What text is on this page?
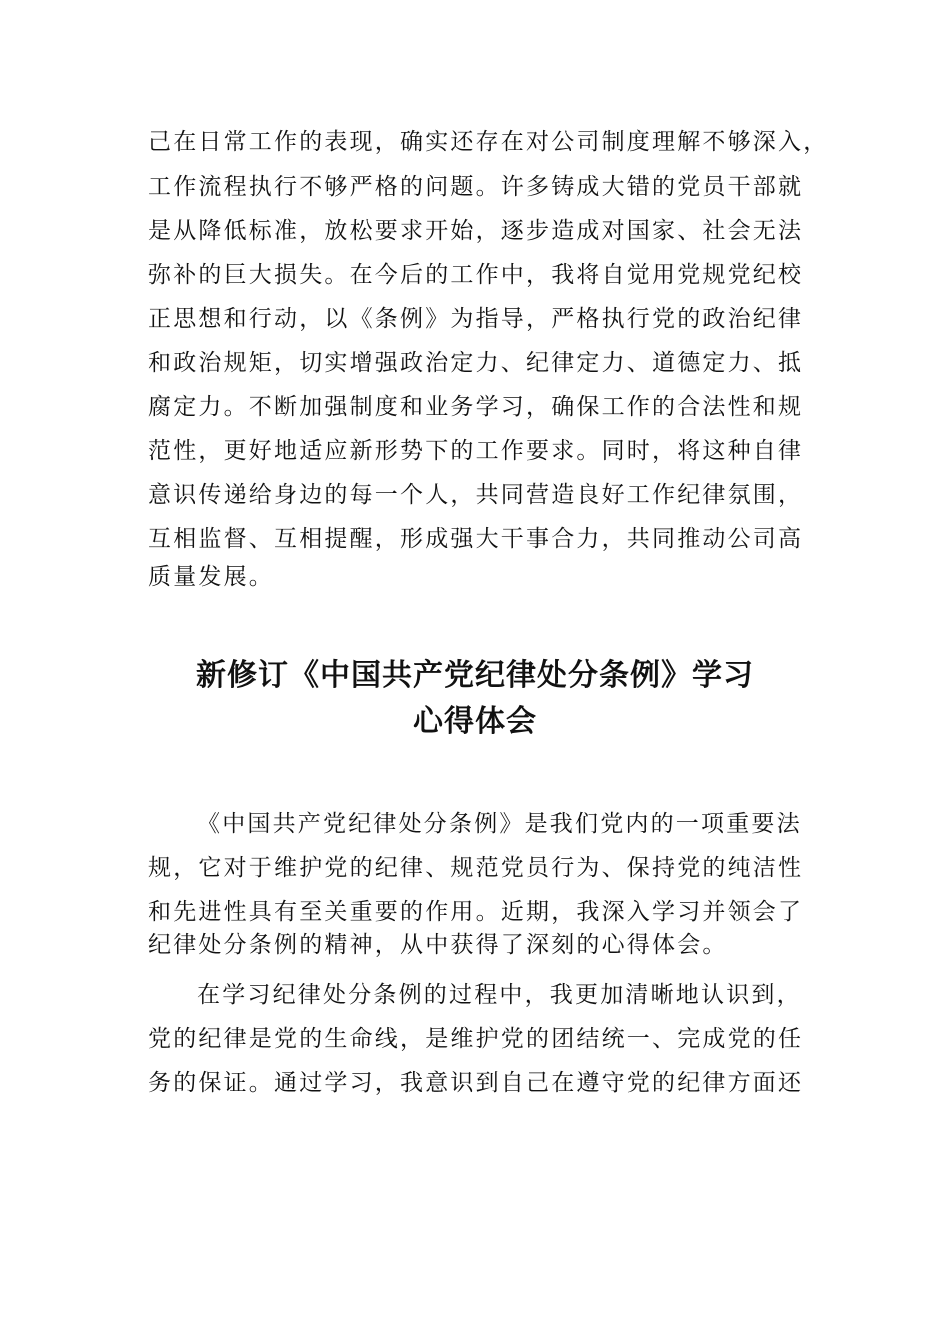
己在日常工作的表现，确实还存在对公司制度理解不够深入，
工作流程执行不够严格的问题。许多铸成大错的党员干部就
是从降低标准，放松要求开始，逐步造成对国家、社会无法
弥补的巨大损失。在今后的工作中，我将自觉用党规党纪校
正思想和行动，以《条例》为指导，严格执行党的政治纪律
和政治规矩，切实增强政治定力、纪律定力、道德定力、抵
腐定力。不断加强制度和业务学习，确保工作的合法性和规
范性，更好地适应新形势下的工作要求。同时，将这种自律
意识传递给身边的每一个人，共同营造良好工作纪律氛围，
互相监督、互相提醒，形成强大干事合力，共同推动公司高
质量发展。
新修订《中国共产党纪律处分条例》学习
心得体会
《中国共产党纪律处分条例》是我们党内的一项重要法
规，它对于维护党的纪律、规范党员行为、保持党的纯洁性
和先进性具有至关重要的作用。近期，我深入学习并领会了
纪律处分条例的精神，从中获得了深刻的心得体会。
在学习纪律处分条例的过程中，我更加清晰地认识到，
党的纪律是党的生命线，是维护党的团结统一、完成党的任
务的保证。通过学习，我意识到自己在遵守党的纪律方面还
